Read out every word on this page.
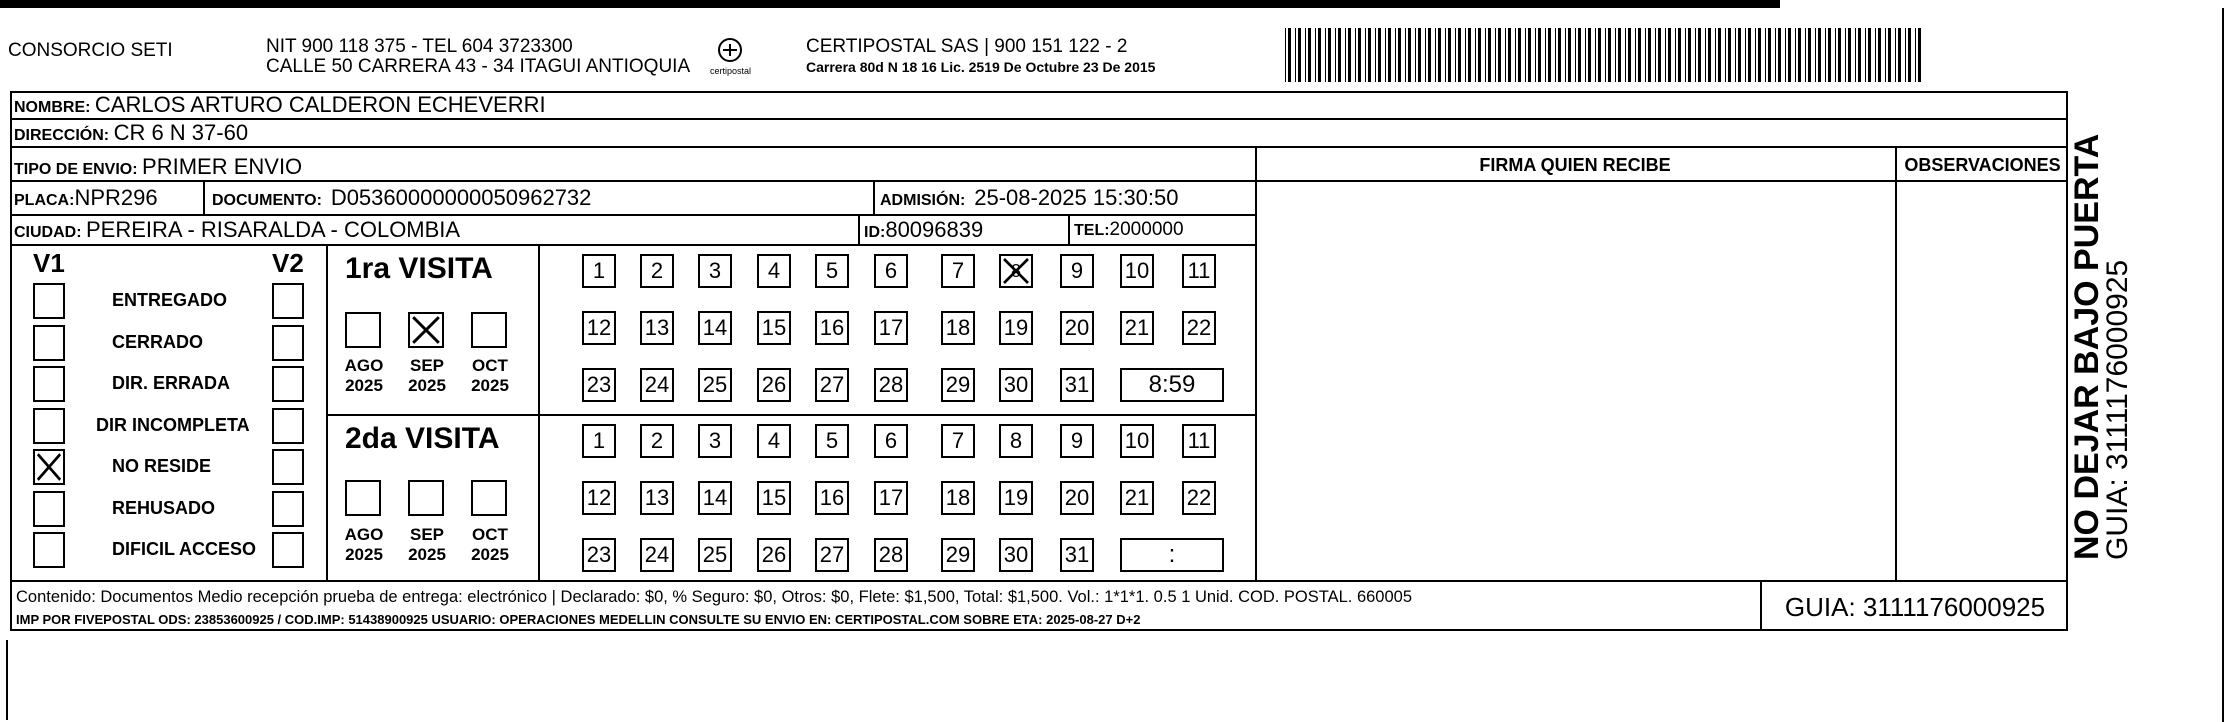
CONSORCIO SETI	NIT 900 118 375 - TEL 604 3723300
CALLE 50 CARRERA 43 - 34 ITAGUI ANTIOQUIA certipostal
CERTIPOSTAL SAS | 900 151 122 - 2
Carrera 80d N 18 16 Lic. 2519 De Octubre 23 De 2015
NOMBRE: CARLOS ARTURO CALDERON ECHEVERRI
DIRECCIÓN: CR 6 N 37-60
TIPO DE ENVIO: PRIMER ENVIO	FIRMA QUIEN RECIBE	OBSERVACIONES
PLACA:NPR296	DOCUMENTO: D05360000000050962732	ADMISIÓN: 25-08-2025 15:30:50
CIUDAD: PEREIRA - RISARALDA - COLOMBIA	ID:80096839	TEL:2000000
V1	V2
ENTREGADO
CERRADO
DIR. ERRADA
DIR INCOMPLETA
NO RESIDE
REHUSADO
DIFICIL ACCESO
1ra VISITA
2da VISITA
AGO
2025
SEP
2025
OCT
2025
AGO
2025
SEP
2025
OCT
2025
1	2	3	4	5	6	7	8	9	10 11
12 13 14 15 16 17 18 19 20 21 22
23 24 25 26 27 28 29 30 31	8:59
1	2	3	4	5	6	7	8	9	10 11
12 13 14 15 16 17 18 19 20 21 22
23 24 25 26 27 28 29 30 31	:
Contenido: Documentos Medio recepción prueba de entrega: electrónico | Declarado: $0, % Seguro: $0, Otros: $0, Flete: $1,500, Total: $1,500. Vol.: 1*1*1. 0.5 1 Unid. COD. POSTAL. 660005
IMP POR FIVEPOSTAL ODS: 23853600925 / COD.IMP: 51438900925 USUARIO: OPERACIONES MEDELLIN CONSULTE SU ENVIO EN: CERTIPOSTAL.COM SOBRE ETA: 2025-08-27 D+2	GUIA: 3111176000925
NO DEJAR BAJO PUERTA
GUIA: 3111176000925
